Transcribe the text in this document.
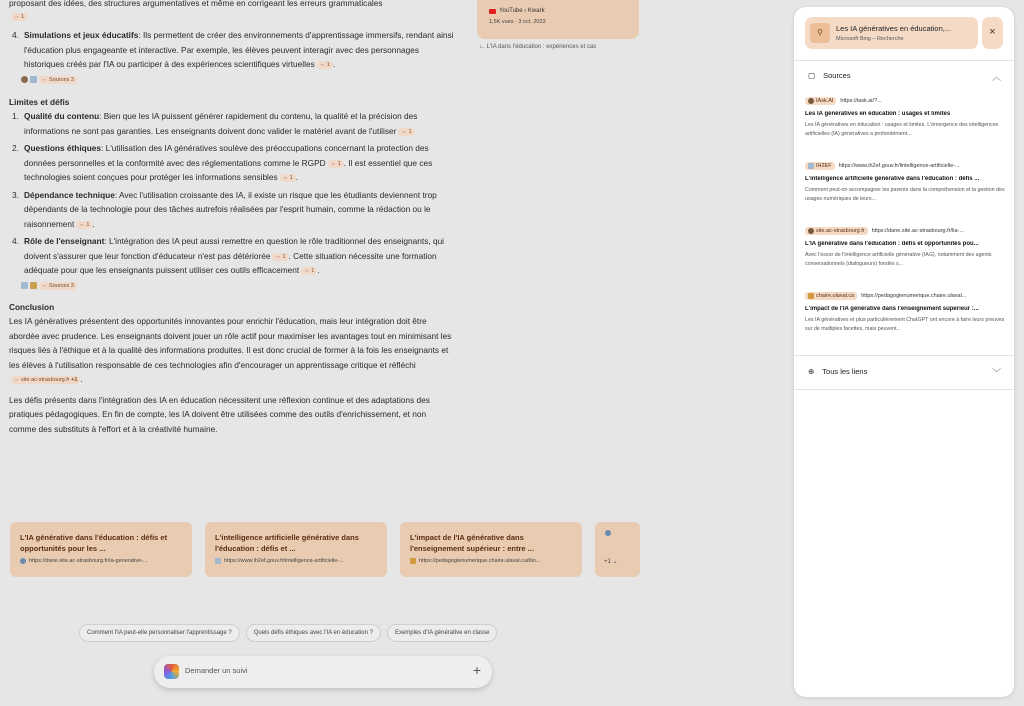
proposant des idées, des structures argumentatives et même en corrigeant les erreurs grammaticales

⇔ 1

4. Simulations et jeux éducatifs: Ils permettent de créer des environnements d'apprentissage immersifs, rendant ainsi l'éducation plus engageante et interactive. Par exemple, les élèves peuvent interagir avec des personnages historiques créés par l'IA ou participer à des expériences scientifiques virtuelles ⇔ 1 .
⇔ Sources 3

Limites et défis

1. Qualité du contenu: Bien que les IA puissent générer rapidement du contenu, la qualité et la précision des informations ne sont pas garanties. Les enseignants doivent donc valider le matériel avant de l'utiliser ⇔ 1
2. Questions éthiques: L'utilisation des IA génératives soulève des préoccupations concernant la protection des données personnelles et la conformité avec des réglementations comme le RGPD ⇔ 1 . Il est essentiel que ces technologies soient conçues pour protéger les informations sensibles ⇔ 1 .
3. Dépendance technique: Avec l'utilisation croissante des IA, il existe un risque que les étudiants deviennent trop dépendants de la technologie pour des tâches autrefois réalisées par l'esprit humain, comme la rédaction ou le raisonnement ⇔ 1 .
4. Rôle de l'enseignant: L'intégration des IA peut aussi remettre en question le rôle traditionnel des enseignants, qui doivent s'assurer que leur fonction d'éducateur n'est pas détériorée ⇔ 1 . Cette situation nécessite une formation adéquate pour que les enseignants puissent utiliser ces outils efficacement ⇔ 1 .
⇔ Sources 3

Conclusion

Les IA génératives présentent des opportunités innovantes pour enrichir l'éducation, mais leur intégration doit être abordée avec prudence. Les enseignants doivent jouer un rôle actif pour maximiser les avantages tout en minimisant les risques liés à l'éthique et à la qualité des informations produites. Il est donc crucial de former à la fois les enseignants et les élèves à l'utilisation responsable de ces technologies afin d'encourager un apprentissage critique et réfléchi⇔ site.ac-strasbourg.fr +1 .

Les défis présents dans l'intégration des IA en éducation nécessitent une réflexion continue et des adaptations des pratiques pédagogiques. En fin de compte, les IA doivent être utilisées comme des outils d'enrichissement, et non comme des substituts à l'effort et à la créativité humaine.

YouTube › Kwark
1,5K vues · 3 oct. 2023
∟ L'IA dans l'éducation : expériences et cas
L'IA générative dans l'éducation : défis et opportunités pour les ...
https://dane.site.ac-strasbourg.fr/ia-generative-...
L'intelligence artificielle générative dans l'éducation : défis et ...
https://www.ih2ef.gouv.fr/intelligence-artificielle-...
L'impact de l'IA générative dans l'enseignement supérieur : entre ...
https://pedagogienumerique.chaire.ulaval.ca/blo...	+1 ⌄
Comment l'IA peut-elle personnaliser l'apprentissage ?	Quels défis éthiques avec l'IA en éducation ?	Exemples d'IA générative en classe
Demander un suivi	+
⚲	Les IA génératives en éducation,...
Microsoft Bing – Recherche
×
▢ Sources	︿
IAsk.AI https://iask.ai/?...
Les IA génératives en éducation : usages et limites
Les IA génératives en éducation : usages et limites. L'émergence des intelligences artificielles (IA) génératives a profondément...
IH2EF https://www.ih2ef.gouv.fr/lintelligence-artificielle-...
L'intelligence artificielle générative dans l'éducation : défis ...
Comment peut-on accompagner les parents dans la compréhension et la gestion des usages numériques de leurs...
site.ac-strasbourg.fr https://dane.site.ac-strasbourg.fr/lia-...
L'IA générative dans l'éducation : défis et opportunités pou...
Avec l'essor de l'intelligence artificielle générative (IAG), notamment des agents conversationnels (dialogueurs) fondés s...
chaire.ulaval.ca https://pedagogienumerique.chaire.ulaval...
L'impact de l'IA générative dans l'enseignement supérieur :...
Les IA génératives et plus particulièrement ChatGPT ont encore à faire leurs preuves sur de multiples facettes, mais peuvent...
⊕ Tous les liens	﹀
